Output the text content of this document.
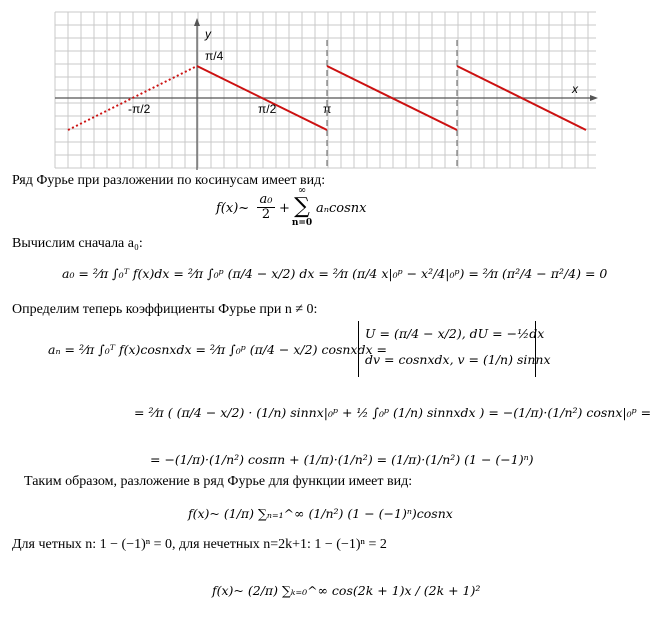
y
x
π/4
-π/2	π/2	π
Ряд Фурье при разложении по косинусам имеет вид:
f(x)~ $\frac{\text{a₀}}{2}$ +
∞
∑
n=0
aₙcosnx
Вычислим сначала a₀:
a₀ = ²⁄π ∫₀ᵀ f(x)dx = ²⁄π ∫₀ᵖ (π/4 − x/2) dx = ²⁄π (π/4 x|₀ᵖ − x²/4|₀ᵖ) = ²⁄π (π²/4 − π²/4) = 0
Определим теперь коэффициенты Фурье при n ≠ 0:
aₙ = ²⁄π ∫₀ᵀ f(x)cosnxdx = ²⁄π ∫₀ᵖ (π/4 − x/2) cosnxdx =
U = (π/4 − x/2), dU = −½dx
dv = cosnxdx, v = (1/n) sinnx
= ²⁄π ( (π/4 − x/2) · (1/n) sinnx|₀ᵖ + ½ ∫₀ᵖ (1/n) sinnxdx ) = −(1/π)·(1/n²) cosnx|₀ᵖ =
= −(1/π)·(1/n²) cosπn + (1/π)·(1/n²) = (1/π)·(1/n²) (1 − (−1)ⁿ)
Таким образом, разложение в ряд Фурье для функции имеет вид:
f(x)~ (1/π) ∑ₙ₌₁^∞ (1/n²) (1 − (−1)ⁿ)cosnx
Для четных n: 1 − (−1)ⁿ = 0, для нечетных n=2k+1: 1 − (−1)ⁿ = 2
f(x)~ (2/π) ∑ₖ₌₀^∞ cos(2k + 1)x / (2k + 1)²
